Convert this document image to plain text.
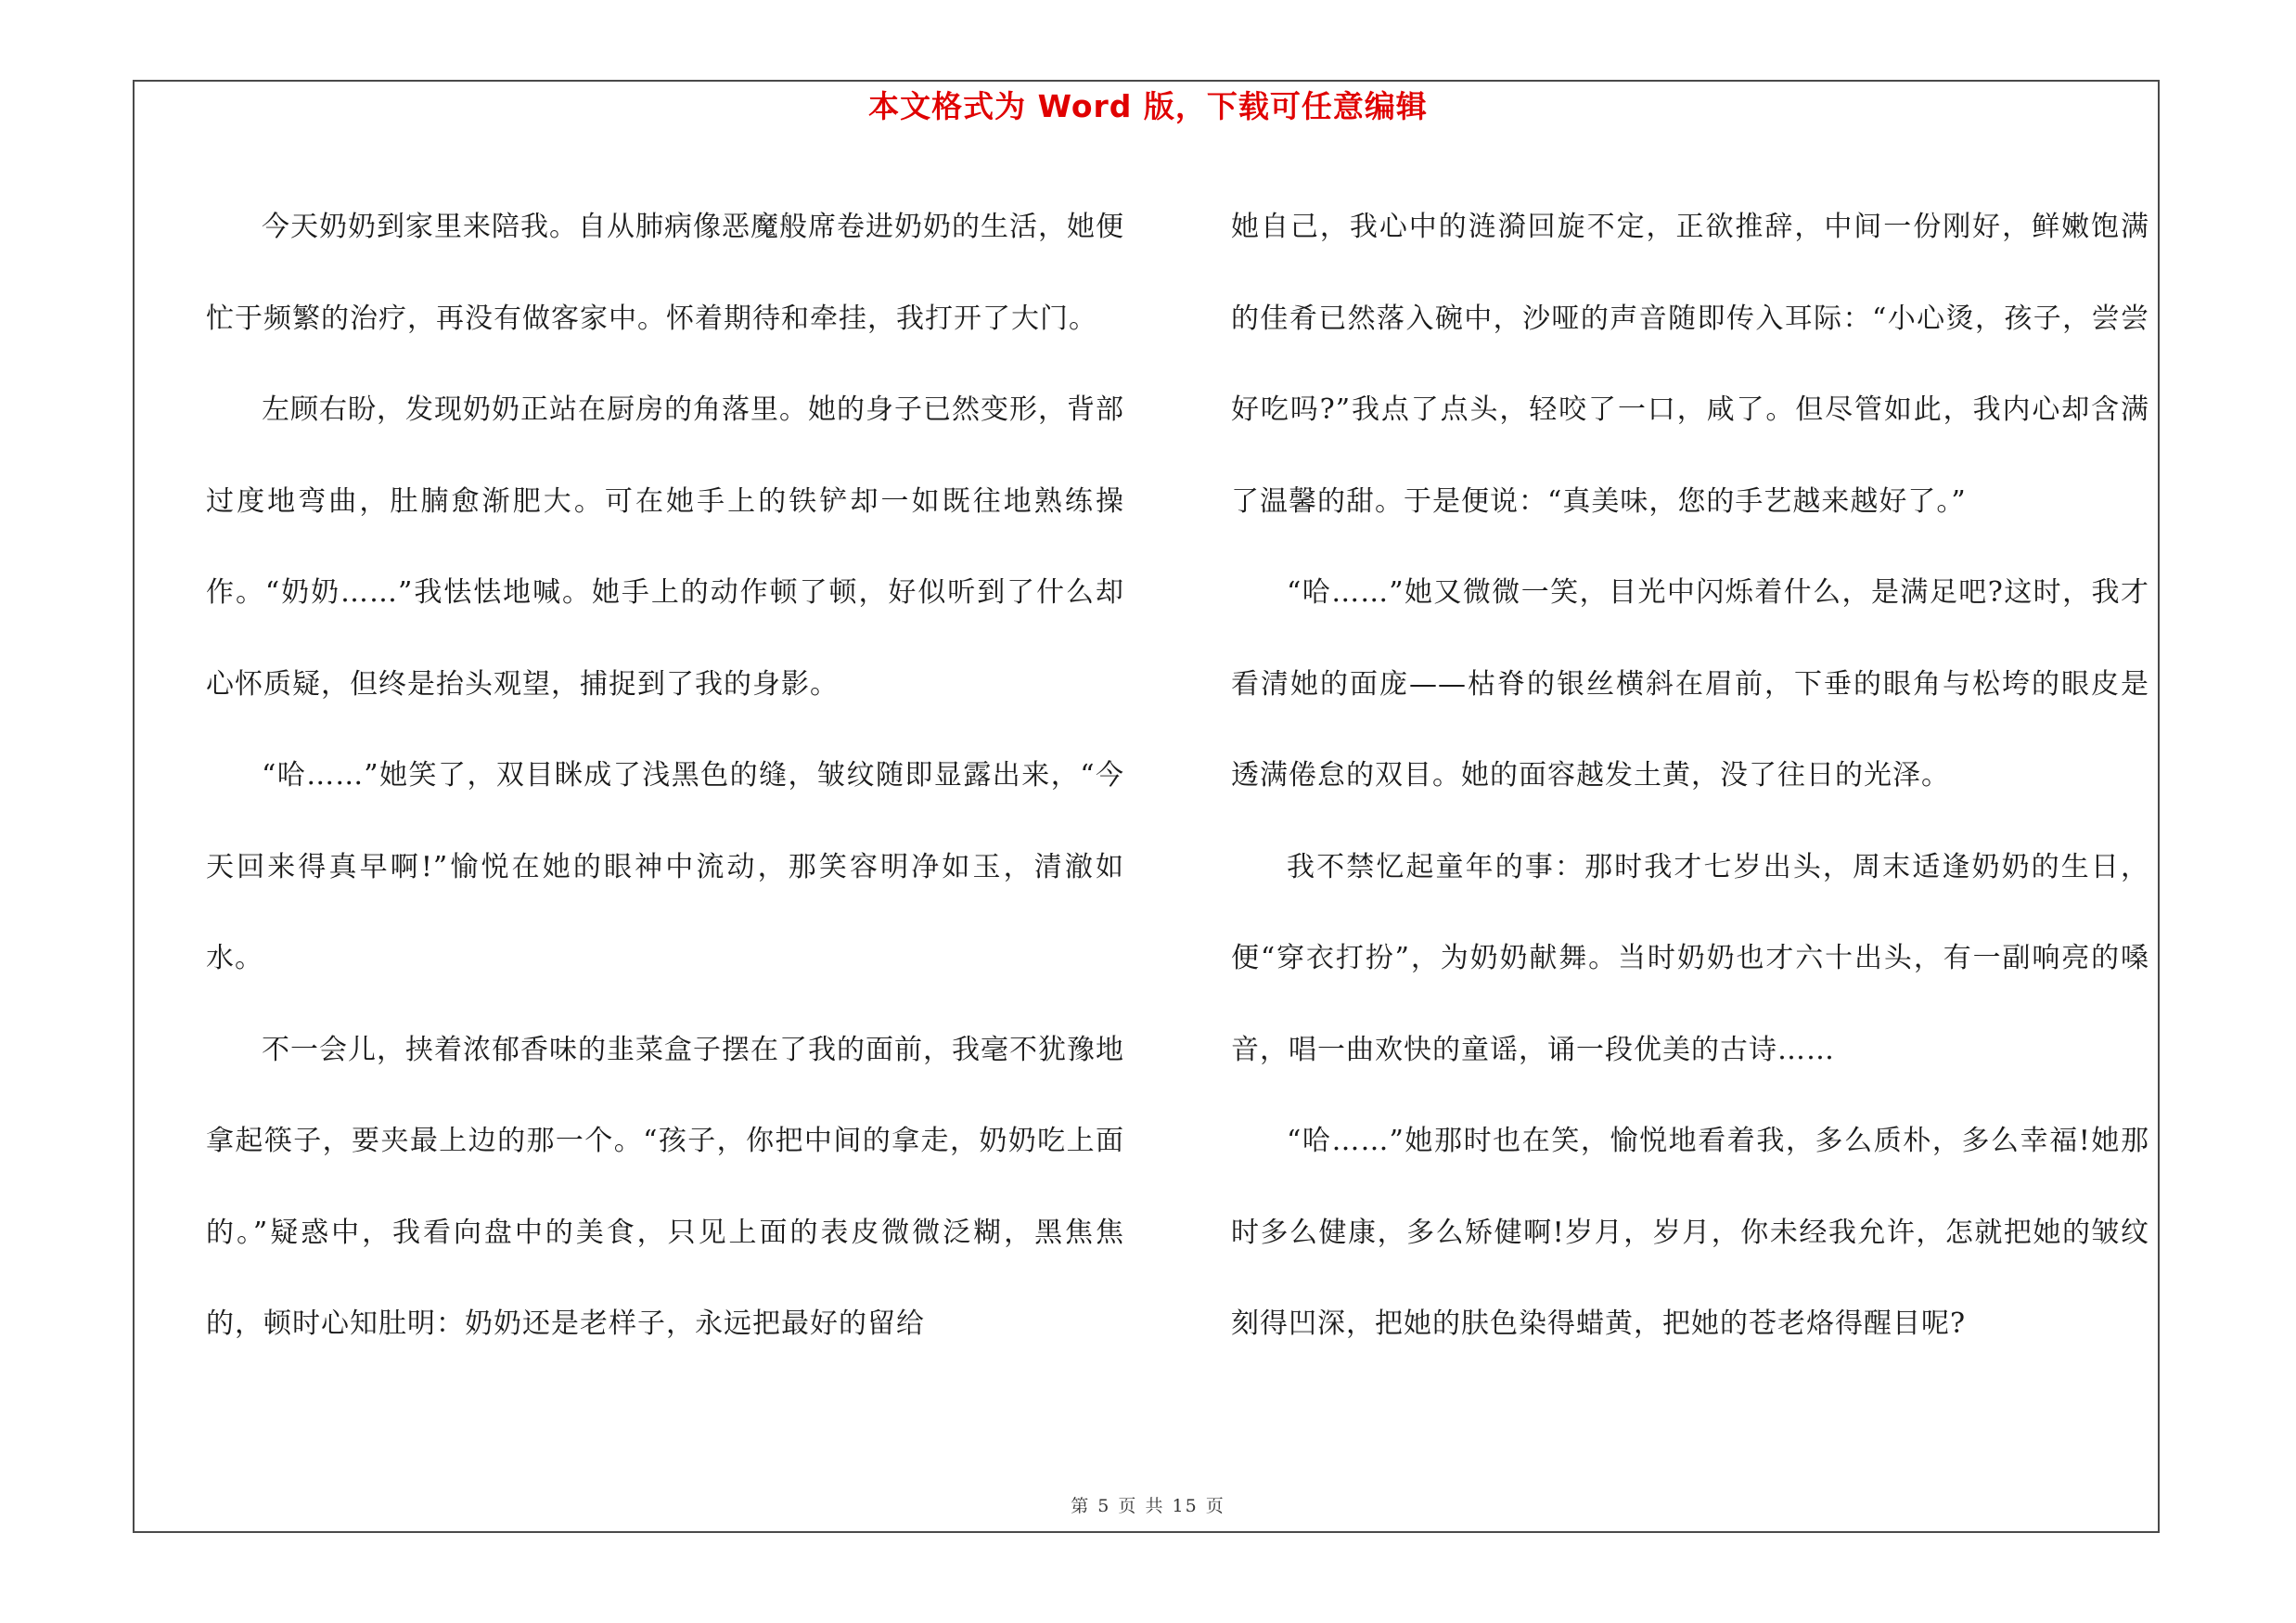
本文格式为 Word 版，下载可任意编辑

今天奶奶到家里来陪我。自从肺病像恶魔般席卷进奶奶的生活，她便忙于频繁的治疗，再没有做客家中。怀着期待和牵挂，我打开了大门。

左顾右盼，发现奶奶正站在厨房的角落里。她的身子已然变形，背部过度地弯曲，肚腩愈渐肥大。可在她手上的铁铲却一如既往地熟练操作。“奶奶……”我怯怯地喊。她手上的动作顿了顿，好似听到了什么却心怀质疑，但终是抬头观望，捕捉到了我的身影。

“哈……”她笑了，双目眯成了浅黑色的缝，皱纹随即显露出来，“今天回来得真早啊!”愉悦在她的眼神中流动，那笑容明净如玉，清澈如水。

不一会儿，挟着浓郁香味的韭菜盒子摆在了我的面前，我毫不犹豫地拿起筷子，要夹最上边的那一个。“孩子，你把中间的拿走，奶奶吃上面的。”疑惑中，我看向盘中的美食，只见上面的表皮微微泛糊，黑焦焦的，顿时心知肚明：奶奶还是老样子，永远把最好的留给

她自己，我心中的涟漪回旋不定，正欲推辞，中间一份刚好，鲜嫩饱满的佳肴已然落入碗中，沙哑的声音随即传入耳际：“小心烫，孩子，尝尝好吃吗?”我点了点头，轻咬了一口，咸了。但尽管如此，我内心却含满了温馨的甜。于是便说：“真美味，您的手艺越来越好了。”

“哈……”她又微微一笑，目光中闪烁着什么，是满足吧?这时，我才看清她的面庞——枯脊的银丝横斜在眉前，下垂的眼角与松垮的眼皮是透满倦怠的双目。她的面容越发土黄，没了往日的光泽。

我不禁忆起童年的事：那时我才七岁出头，周末适逢奶奶的生日，便“穿衣打扮”，为奶奶献舞。当时奶奶也才六十出头，有一副响亮的嗓音，唱一曲欢快的童谣，诵一段优美的古诗……

“哈……”她那时也在笑，愉悦地看着我，多么质朴，多么幸福!她那时多么健康，多么矫健啊!岁月，岁月，你未经我允许，怎就把她的皱纹刻得凹深，把她的肤色染得蜡黄，把她的苍老烙得醒目呢?

第 5 页 共 15 页
